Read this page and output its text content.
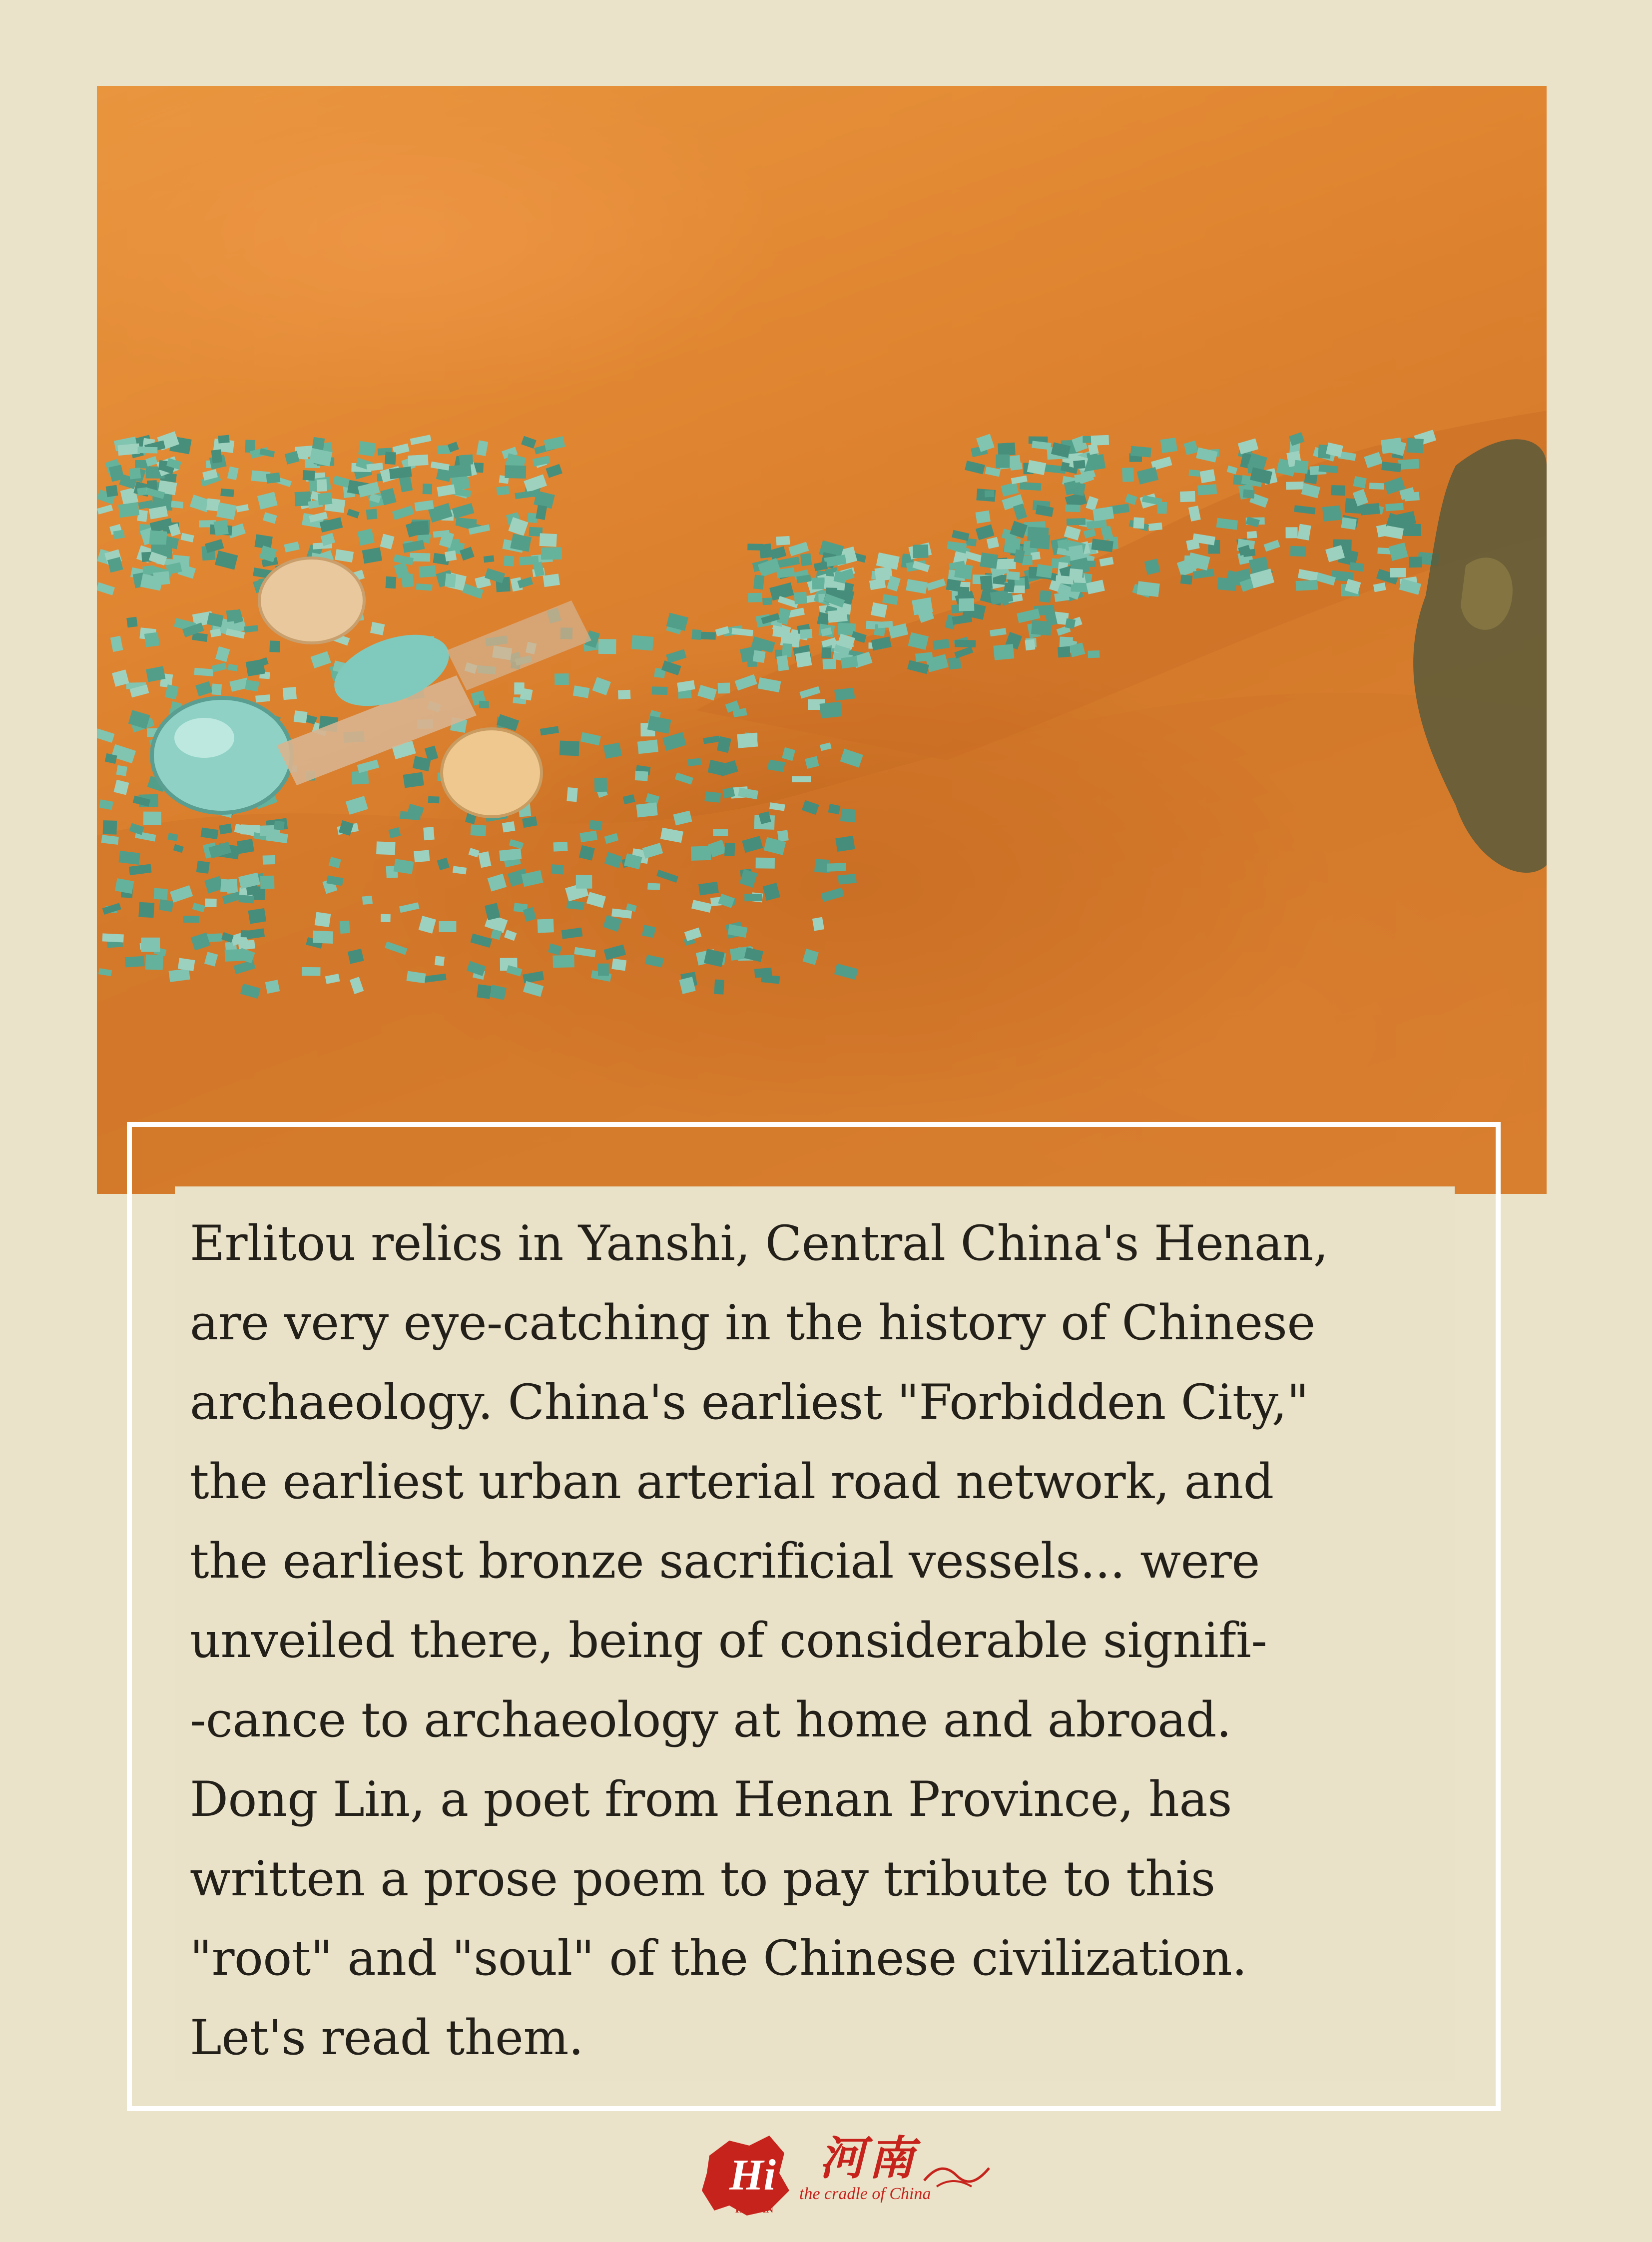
Erlitou relics in Yanshi, Central China's Henan,
are very eye-catching in the history of Chinese
archaeology. China's earliest "Forbidden City,"
the earliest urban arterial road network, and
the earliest bronze sacrificial vessels... were
unveiled there, being of considerable signifi-
-cance to archaeology at home and abroad.
Dong Lin, a poet from Henan Province, has
written a prose poem to pay tribute to this
"root" and "soul" of the Chinese civilization.
Let's read them.

Hi 河南
the cradle of China
HENAN
